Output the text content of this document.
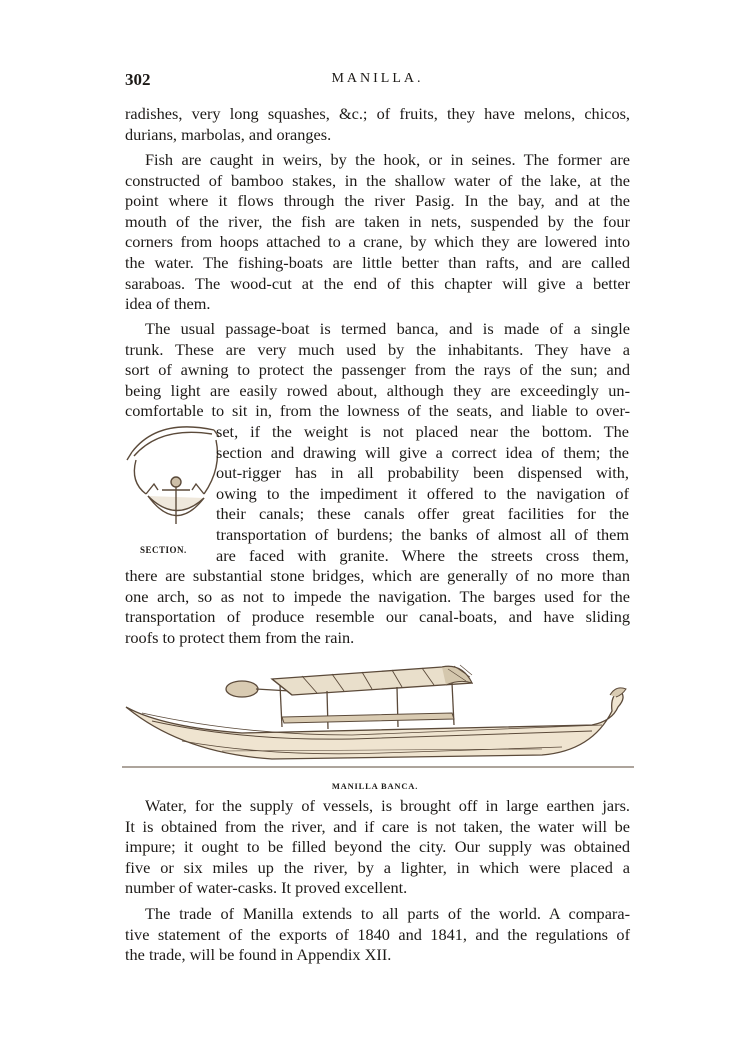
302	MANILLA.
radishes, very long squashes, &c.; of fruits, they have melons, chicos,
durians, marbolas, and oranges.
Fish are caught in weirs, by the hook, or in seines. The former are
constructed of bamboo stakes, in the shallow water of the lake, at the
point where it flows through the river Pasig. In the bay, and at the
mouth of the river, the fish are taken in nets, suspended by the four
corners from hoops attached to a crane, by which they are lowered into
the water. The fishing-boats are little better than rafts, and are called
saraboas. The wood-cut at the end of this chapter will give a better
idea of them.
The usual passage-boat is termed banca, and is made of a single
trunk. These are very much used by the inhabitants. They have a
sort of awning to protect the passenger from the rays of the sun; and
being light are easily rowed about, although they are exceedingly un-
comfortable to sit in, from the lowness of the seats, and liable to over-
SECTION.
set, if the weight is not placed near the bottom. The
section and drawing will give a correct idea of them; the
out-rigger has in all probability been dispensed with,
owing to the impediment it offered to the navigation of
their canals; these canals offer great facilities for the
transportation of burdens; the banks of almost all of them
are faced with granite. Where the streets cross them,
there are substantial stone bridges, which are generally of no more than
one arch, so as not to impede the navigation. The barges used for the
transportation of produce resemble our canal-boats, and have sliding
roofs to protect them from the rain.
MANILLA BANCA.
Water, for the supply of vessels, is brought off in large earthen jars.
It is obtained from the river, and if care is not taken, the water will be
impure; it ought to be filled beyond the city. Our supply was obtained
five or six miles up the river, by a lighter, in which were placed a
number of water-casks. It proved excellent.
The trade of Manilla extends to all parts of the world. A compara-
tive statement of the exports of 1840 and 1841, and the regulations of
the trade, will be found in Appendix XII.
